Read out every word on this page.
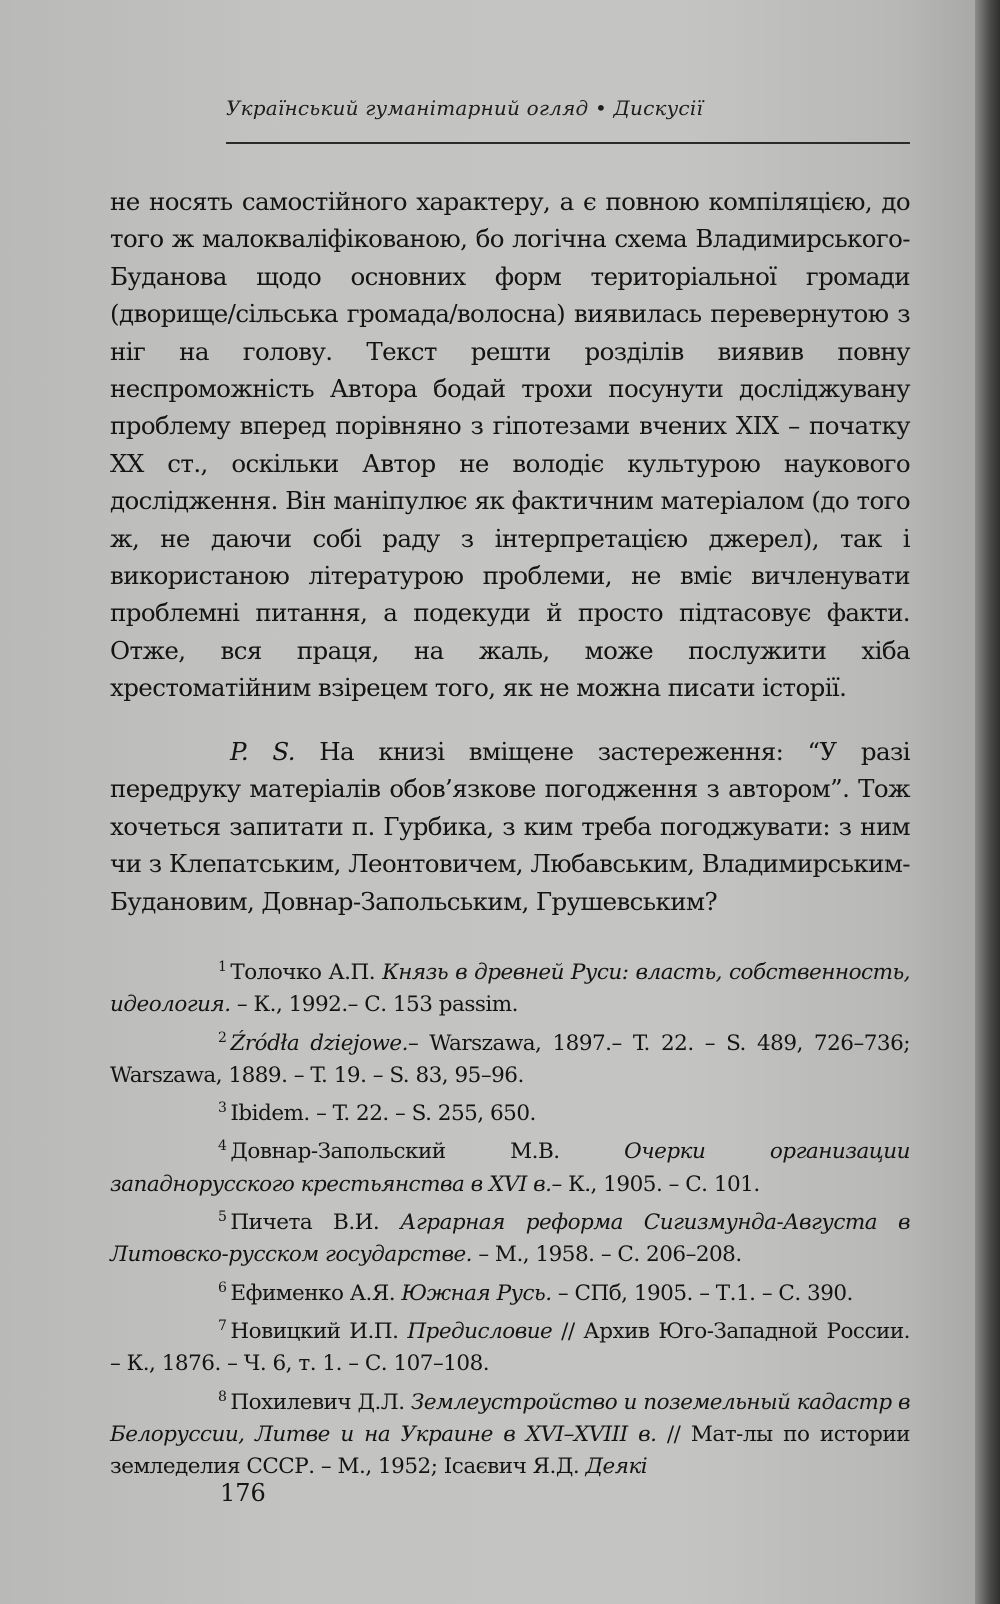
Український гуманітарний огляд • Дискусії
не носять самостійного характеру, а є повною компіляцією, до того ж малокваліфікованою, бо логічна схема Владимирського-Буданова щодо основних форм територіальної громади (дворище/сільська громада/волосна) виявилась перевернутою з ніг на голову. Текст решти розділів виявив повну неспроможність Автора бодай трохи посунути досліджувану проблему вперед порівняно з гіпотезами вчених XIX – початку XX ст., оскільки Автор не володіє культурою наукового дослідження. Він маніпулює як фактичним матеріалом (до того ж, не даючи собі раду з інтерпретацією джерел), так і використаною літературою проблеми, не вміє вичленувати проблемні питання, а подекуди й просто підтасовує факти. Отже, вся праця, на жаль, може послужити хіба хрестоматійним взірецем того, як не можна писати історії.
P. S. На книзі вміщене застереження: “У разі передруку матеріалів обов’язкове погодження з автором”. Тож хочеться запитати п. Гурбика, з ким треба погоджувати: з ним чи з Клепатським, Леонтовичем, Любавським, Владимирським-Будановим, Довнар-Запольським, Грушевським?
$^1$ Толочко А.П. Князь в древней Руси: власть, собственность, идеология. – К., 1992.– С. 153 passim.
$^2$ Źródła dziejowe.– Warszawa, 1897.– T. 22. – S. 489, 726–736; Warszawa, 1889. – T. 19. – S. 83, 95–96.
$^3$ Ibidem. – T. 22. – S. 255, 650.
$^4$ Довнар-Запольский М.В. Очерки организации западнорусского крестьянства в XVI в.– К., 1905. – С. 101.
$^5$ Пичета В.И. Аграрная реформа Сигизмунда-Августа в Литовско-русском государстве. – М., 1958. – С. 206–208.
$^6$ Ефименко А.Я. Южная Русь. – СПб, 1905. – Т.1. – С. 390.
$^7$ Новицкий И.П. Предисловие // Архив Юго-Западной России. – К., 1876. – Ч. 6, т. 1. – С. 107–108.
$^8$ Похилевич Д.Л. Землеустройство и поземельный кадастр в Белоруссии, Литве и на Украине в XVI–XVIII в. // Мат-лы по истории земледелия СССР. – М., 1952; Ісаєвич Я.Д. Деякі
176
